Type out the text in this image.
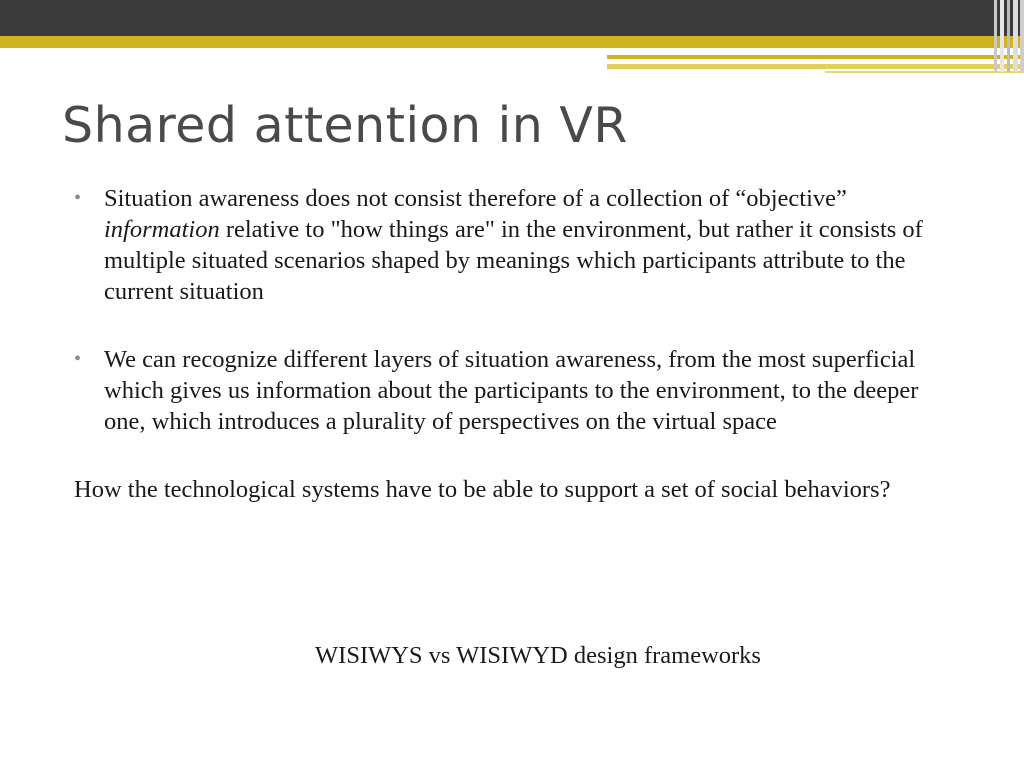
Shared attention in VR

• Situation awareness does not consist therefore of a collection of “objective” information relative to "how things are" in the environment, but rather it consists of multiple situated scenarios shaped by meanings which participants attribute to the current situation

• We can recognize different layers of situation awareness, from the most superficial which gives us information about the participants to the environment, to the deeper one, which introduces a plurality of perspectives on the virtual space

How the technological systems have to be able to support a set of social behaviors?

WISIWYS vs WISIWYD design frameworks
